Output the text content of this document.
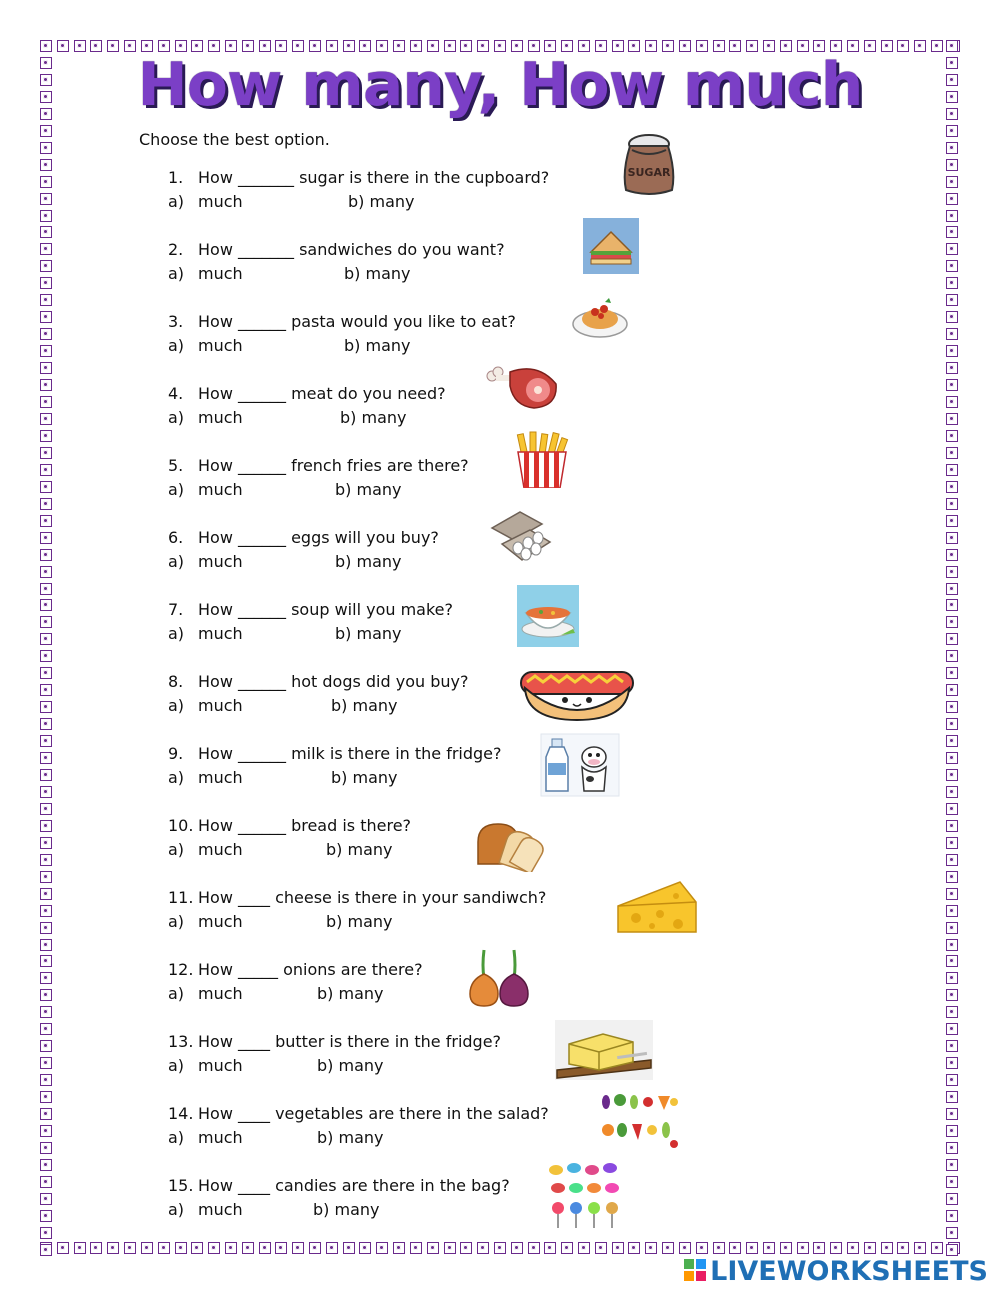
How many, How much
Choose the best option.
1. How _______ sugar is there in the cupboard?
a) much	b) many
2. How _______ sandwiches do you want?
a) much	b) many
3. How ______ pasta would you like to eat?
a) much	b) many
4. How ______ meat do you need?
a) much	b) many
5. How ______ french fries are there?
a) much	b) many
6. How ______ eggs will you buy?
a) much	b) many
7. How ______ soup will you make?
a) much	b) many
8. How ______ hot dogs did you buy?
a) much	b) many
9. How ______ milk is there in the fridge?
a) much	b) many
10. How ______ bread is there?
a) much	b) many
11. How ____ cheese is there in your sandiwch?
a) much	b) many
12. How _____ onions are there?
a) much	b) many
13. How ____ butter is there in the fridge?
a) much	b) many
14. How ____ vegetables are there in the salad?
a) much	b) many
15. How ____ candies are there in the bag?
a) much	b) many
SUGAR
LIVEWORKSHEETS
